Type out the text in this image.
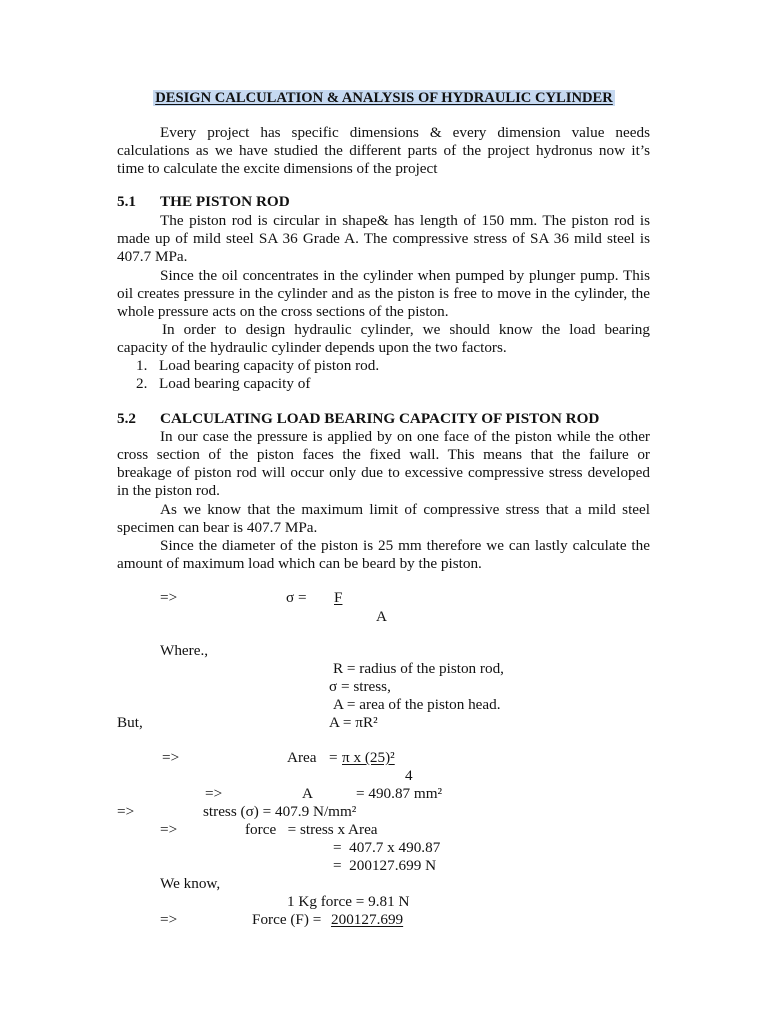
DESIGN CALCULATION & ANALYSIS OF HYDRAULIC CYLINDER
Every project has specific dimensions & every dimension value needs
calculations as we have studied the different parts of the project hydronus now it’s
time to calculate the excite dimensions of the project
5.1 THE PISTON ROD
The piston rod is circular in shape& has length of 150 mm. The piston rod is
made up of mild steel SA 36 Grade A. The compressive stress of SA 36 mild steel is
407.7 MPa.
Since the oil concentrates in the cylinder when pumped by plunger pump. This
oil creates pressure in the cylinder and as the piston is free to move in the cylinder, the
whole pressure acts on the cross sections of the piston.
In order to design hydraulic cylinder, we should know the load bearing
capacity of the hydraulic cylinder depends upon the two factors.
1. Load bearing capacity of piston rod.
2. Load bearing capacity of
5.2 CALCULATING LOAD BEARING CAPACITY OF PISTON ROD
In our case the pressure is applied by on one face of the piston while the other
cross section of the piston faces the fixed wall. This means that the failure or
breakage of piston rod will occur only due to excessive compressive stress developed
in the piston rod.
As we know that the maximum limit of compressive stress that a mild steel
specimen can bear is 407.7 MPa.
Since the diameter of the piston is 25 mm therefore we can lastly calculate the
amount of maximum load which can be beard by the piston.
=>	σ = F
A
Where.,
R = radius of the piston rod,
σ = stress,
A = area of the piston head.
But,	A = πR²
=>	Area = π x (25)²
4
=>	A	= 490.87 mm²
=>	stress (σ) = 407.9 N/mm²
=>	force   = stress x Area
=  407.7 x 490.87
=  200127.699 N
We know,
1 Kg force = 9.81 N
=>	Force (F) = 200127.699
